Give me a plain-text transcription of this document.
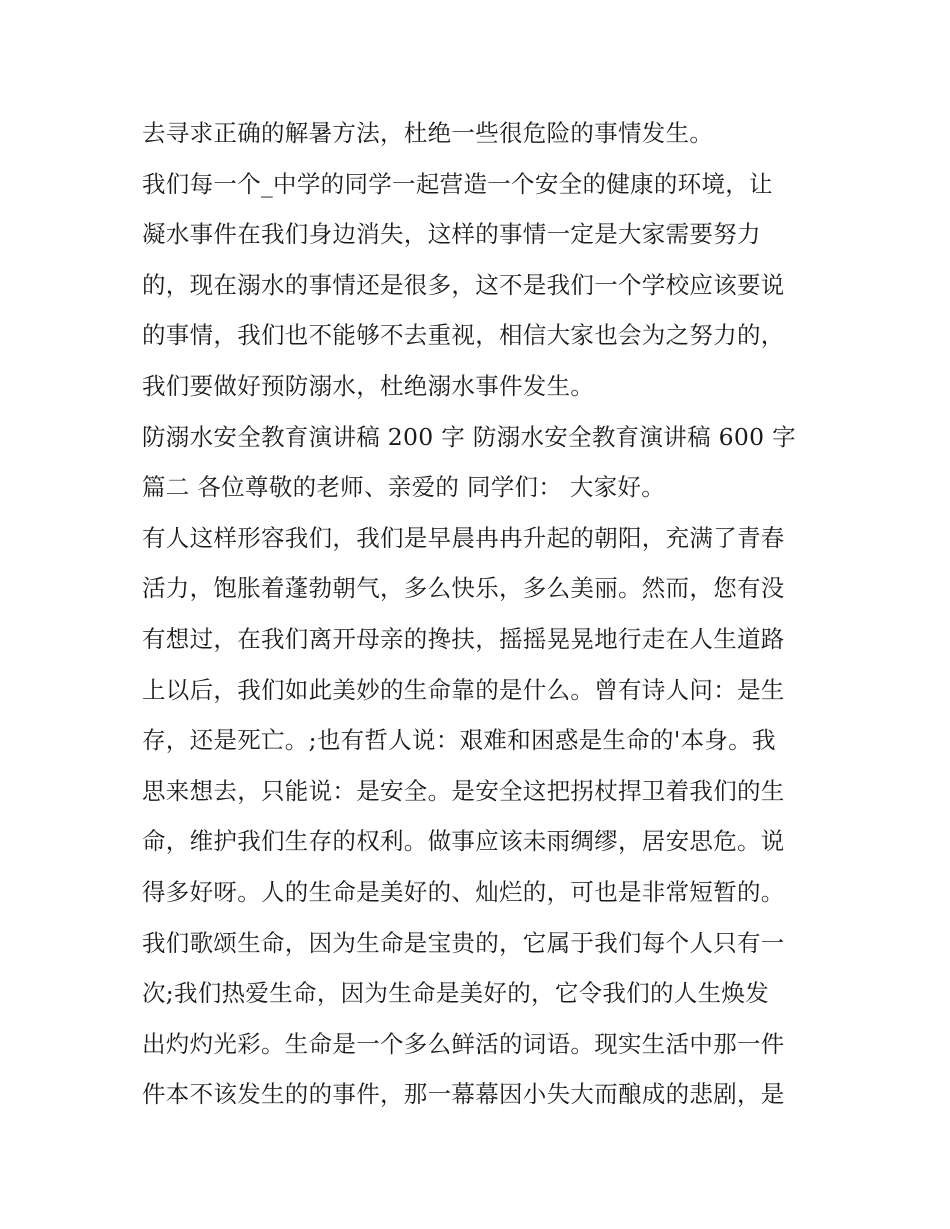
去寻求正确的解暑方法，杜绝一些很危险的事情发生。
我们每一个_中学的同学一起营造一个安全的健康的环境，让
凝水事件在我们身边消失，这样的事情一定是大家需要努力
的，现在溺水的事情还是很多，这不是我们一个学校应该要说
的事情，我们也不能够不去重视，相信大家也会为之努力的，
我们要做好预防溺水，杜绝溺水事件发生。
防溺水安全教育演讲稿 200 字 防溺水安全教育演讲稿 600 字
篇二 各位尊敬的老师、亲爱的 同学们： 大家好。
有人这样形容我们，我们是早晨冉冉升起的朝阳，充满了青春
活力，饱胀着蓬勃朝气，多么快乐，多么美丽。然而，您有没
有想过，在我们离开母亲的搀扶，摇摇晃晃地行走在人生道路
上以后，我们如此美妙的生命靠的是什么。曾有诗人问：是生
存，还是死亡。;也有哲人说：艰难和困惑是生命的'本身。我
思来想去，只能说：是安全。是安全这把拐杖捍卫着我们的生
命，维护我们生存的权利。做事应该未雨绸缪，居安思危。说
得多好呀。人的生命是美好的、灿烂的，可也是非常短暂的。
我们歌颂生命，因为生命是宝贵的，它属于我们每个人只有一
次;我们热爱生命，因为生命是美好的，它令我们的人生焕发
出灼灼光彩。生命是一个多么鲜活的词语。现实生活中那一件
件本不该发生的的事件，那一幕幕因小失大而酿成的悲剧，是
